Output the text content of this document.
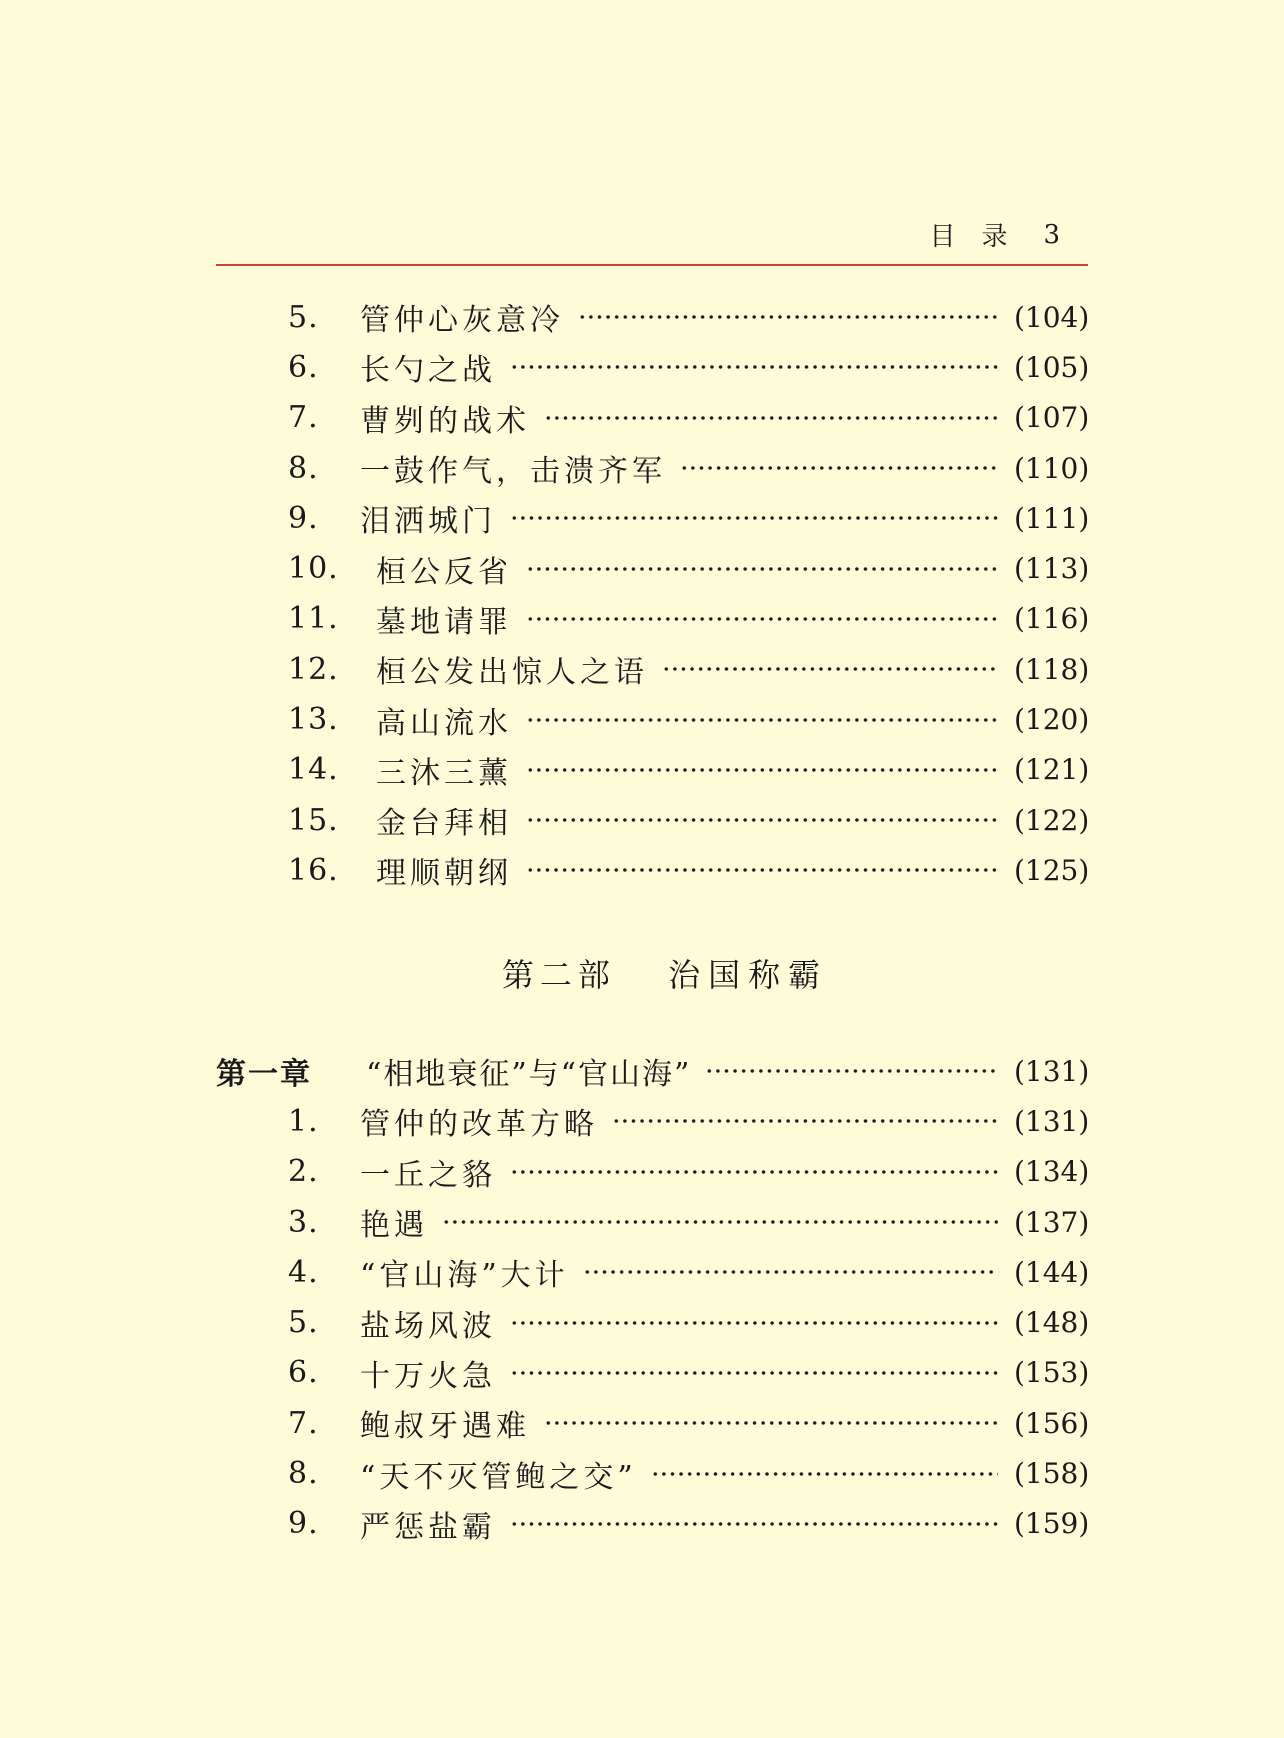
目录 3
5.	管仲心灰意冷	(104)
6.	长勺之战	(105)
7.	曹刿的战术	(107)
8.	一鼓作气，击溃齐军	(110)
9.	泪洒城门	(111)
10.	桓公反省	(113)
11.	墓地请罪	(116)
12.	桓公发出惊人之语	(118)
13.	高山流水	(120)
14.	三沐三薰	(121)
15.	金台拜相	(122)
16.	理顺朝纲	(125)
第二部 治国称霸
第一章	“相地衰征”与“官山海”	(131)
1.	管仲的改革方略	(131)
2.	一丘之貉	(134)
3.	艳遇	(137)
4.	“官山海”大计	(144)
5.	盐场风波	(148)
6.	十万火急	(153)
7.	鲍叔牙遇难	(156)
8.	“天不灭管鲍之交”	(158)
9.	严惩盐霸	(159)
